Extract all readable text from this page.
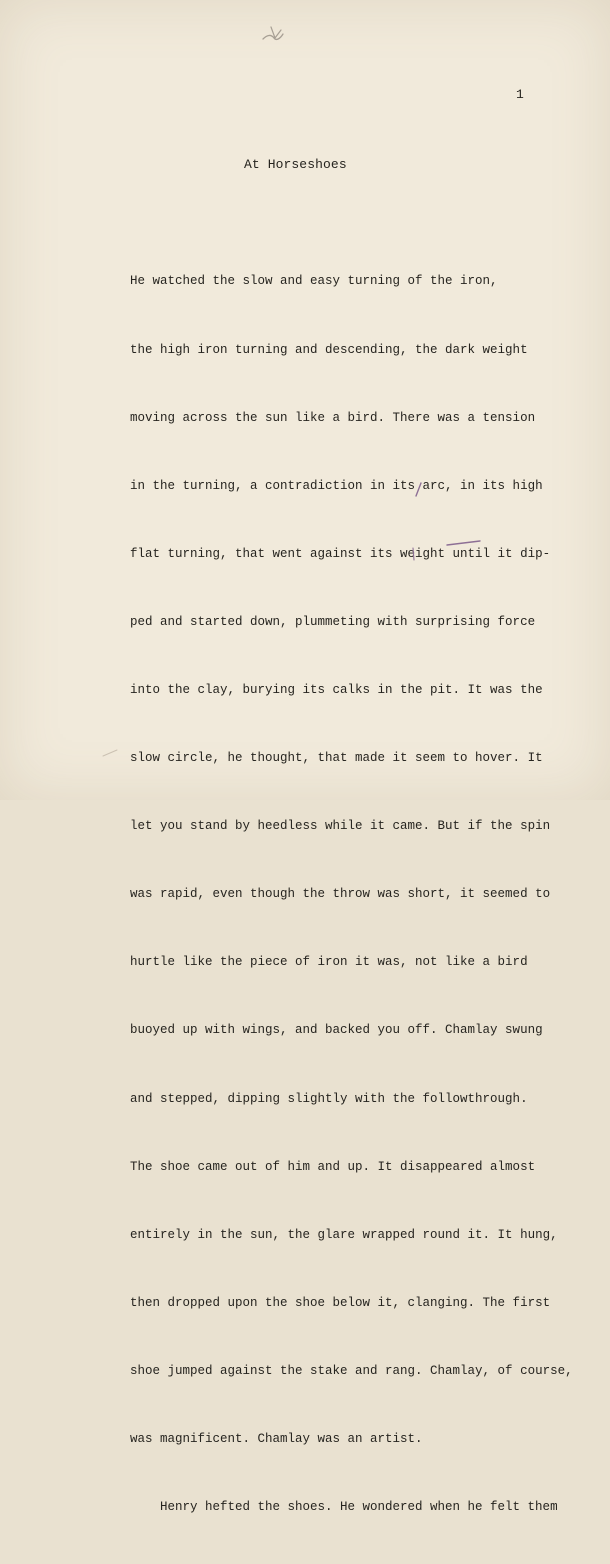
1
At Horseshoes

He watched the slow and easy turning of the iron,

the high iron turning and descending, the dark weight

moving across the sun like a bird. There was a tension

in the turning, a contradiction in its arc, in its high

flat turning, that went against its weight until it dip-

ped and started down, plummeting with surprising force

into the clay, burying its calks in the pit. It was the

slow circle, he thought, that made it seem to hover. It

let you stand by heedless while it came. But if the spin

was rapid, even though the throw was short, it seemed to

hurtle like the piece of iron it was, not like a bird

buoyed up with wings, and backed you off. Chamlay swung

and stepped, dipping slightly with the followthrough.

The shoe came out of him and up. It disappeared almost

entirely in the sun, the glare wrapped round it. It hung,

then dropped upon the shoe below it, clanging. The first

shoe jumped against the stake and rang. Chamlay, of course,

was magnificent. Chamlay was an artist.

Henry hefted the shoes. He wondered when he felt them
